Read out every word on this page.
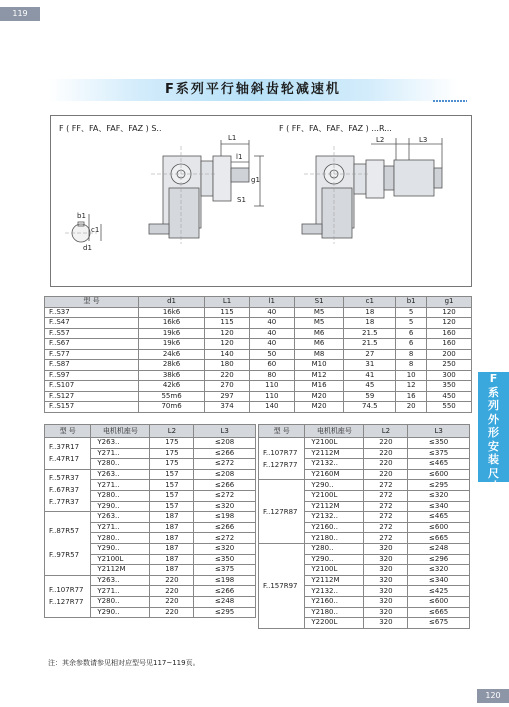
119
F系列平行轴斜齿轮减速机
F ( FF、FA、FAF、FAZ ) S..	F ( FF、FA、FAF、FAZ ) ...R...
L1
l1
g1
S1
b1
c1
d1
L2	L3
型 号	d1	L1	l1	S1	c1	b1	g1
F..S37	16k6	115	40	M5	18	5	120
F..S47	16k6	115	40	M5	18	5	120
F..S57	19k6	120	40	M6	21.5	6	160
F..S67	19k6	120	40	M6	21.5	6	160
F..S77	24k6	140	50	M8	27	8	200
F..S87	28k6	180	60	M10	31	8	250
F..S97	38k6	220	80	M12	41	10	300
F..S107	42k6	270	110	M16	45	12	350
F..S127	55m6	297	110	M20	59	16	450
F..S157	70m6	374	140	M20	74.5	20	550
型 号	电机机座号	L2	L3

F..37R17
F..47R17	Y263..	175	≤208
	Y271..	175	≤266
	Y280..	175	≤272

F..57R37
F..67R37
F..77R37	Y263..	157	≤208
	Y271..	157	≤266
	Y280..	157	≤272
	Y290..	157	≤320

F..87R57
F..97R57	Y263..	187	≤198
	Y271..	187	≤266
	Y280..	187	≤272
	Y290..	187	≤320
	Y2100L	187	≤350
	Y2112M	187	≤375

F..107R77
F..127R77	Y263..	220	≤198
	Y271..	220	≤266
	Y280..	220	≤248
	Y290..	220	≤295
型 号	电机机座号	L2	L3

F..107R77
F..127R77	Y2100L	220	≤350
	Y2112M	220	≤375
	Y2132..	220	≤465
	Y2160M	220	≤600

F..127R87	Y290..	272	≤295
	Y2100L	272	≤320
	Y2112M	272	≤340
	Y2132..	272	≤465
	Y2160..	272	≤600
	Y2180..	272	≤665

F..157R97	Y280..	320	≤248
	Y290..	320	≤296
	Y2100L	320	≤320
	Y2112M	320	≤340
	Y2132..	320	≤425
	Y2160..	320	≤600
	Y2180..	320	≤665
	Y2200L	320	≤675
F
系
列
外
形
安
装
尺
寸
注：其余参数请参见相对应型号见117~119页。
120
